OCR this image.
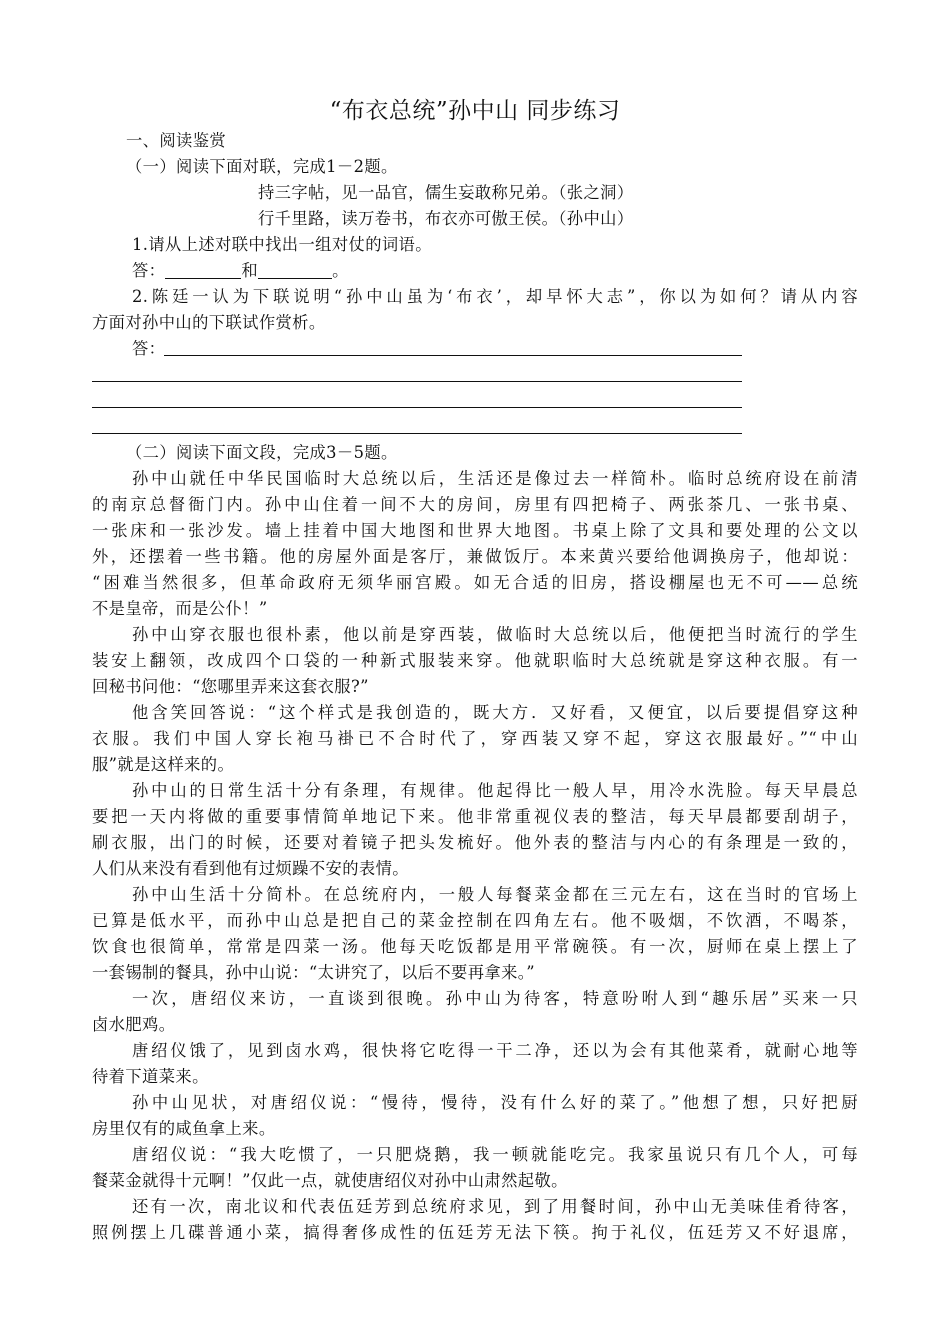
“布衣总统”孙中山 同步练习
一、阅读鉴赏
（一）阅读下面对联，完成1－2题。
持三字帖，见一品官，儒生妄敢称兄弟。（张之洞）
行千里路，读万卷书，布衣亦可傲王侯。（孙中山）
1.请从上述对联中找出一组对仗的词语。
答：	和	。
2.陈廷一认为下联说明“孙中山虽为‘布衣’，却早怀大志”，你以为如何？请从内容
方面对孙中山的下联试作赏析。
答：
（二）阅读下面文段，完成3－5题。
孙中山就任中华民国临时大总统以后，生活还是像过去一样简朴。临时总统府设在前清
的南京总督衙门内。孙中山住着一间不大的房间，房里有四把椅子、两张茶几、一张书桌、
一张床和一张沙发。墙上挂着中国大地图和世界大地图。书桌上除了文具和要处理的公文以
外，还摆着一些书籍。他的房屋外面是客厅，兼做饭厅。本来黄兴要给他调换房子，他却说：
“困难当然很多，但革命政府无须华丽宫殿。如无合适的旧房，搭设棚屋也无不可——总统
不是皇帝，而是公仆！”
孙中山穿衣服也很朴素，他以前是穿西装，做临时大总统以后，他便把当时流行的学生
装安上翻领，改成四个口袋的一种新式服装来穿。他就职临时大总统就是穿这种衣服。有一
回秘书问他：“您哪里弄来这套衣服?”
他含笑回答说：“这个样式是我创造的，既大方．又好看，又便宜，以后要提倡穿这种
衣服。我们中国人穿长袍马褂已不合时代了，穿西装又穿不起，穿这衣服最好。”“中山
服”就是这样来的。
孙中山的日常生活十分有条理，有规律。他起得比一般人早，用冷水洗脸。每天早晨总
要把一天内将做的重要事情简单地记下来。他非常重视仪表的整洁，每天早晨都要刮胡子，
刷衣服，出门的时候，还要对着镜子把头发梳好。他外表的整洁与内心的有条理是一致的，
人们从来没有看到他有过烦躁不安的表情。
孙中山生活十分简朴。在总统府内，一般人每餐菜金都在三元左右，这在当时的官场上
已算是低水平，而孙中山总是把自己的菜金控制在四角左右。他不吸烟，不饮酒，不喝茶，
饮食也很简单，常常是四菜一汤。他每天吃饭都是用平常碗筷。有一次，厨师在桌上摆上了
一套锡制的餐具，孙中山说：“太讲究了，以后不要再拿来。”
一次，唐绍仪来访，一直谈到很晚。孙中山为待客，特意吩咐人到“趣乐居”买来一只
卤水肥鸡。
唐绍仪饿了，见到卤水鸡，很快将它吃得一干二净，还以为会有其他菜肴，就耐心地等
待着下道菜来。
孙中山见状，对唐绍仪说：“慢待，慢待，没有什么好的菜了。”他想了想，只好把厨
房里仅有的咸鱼拿上来。
唐绍仪说：“我大吃惯了，一只肥烧鹅，我一顿就能吃完。我家虽说只有几个人，可每
餐菜金就得十元啊！”仅此一点，就使唐绍仪对孙中山肃然起敬。
还有一次，南北议和代表伍廷芳到总统府求见，到了用餐时间，孙中山无美味佳肴待客，
照例摆上几碟普通小菜，搞得奢侈成性的伍廷芳无法下筷。拘于礼仪，伍廷芳又不好退席，
